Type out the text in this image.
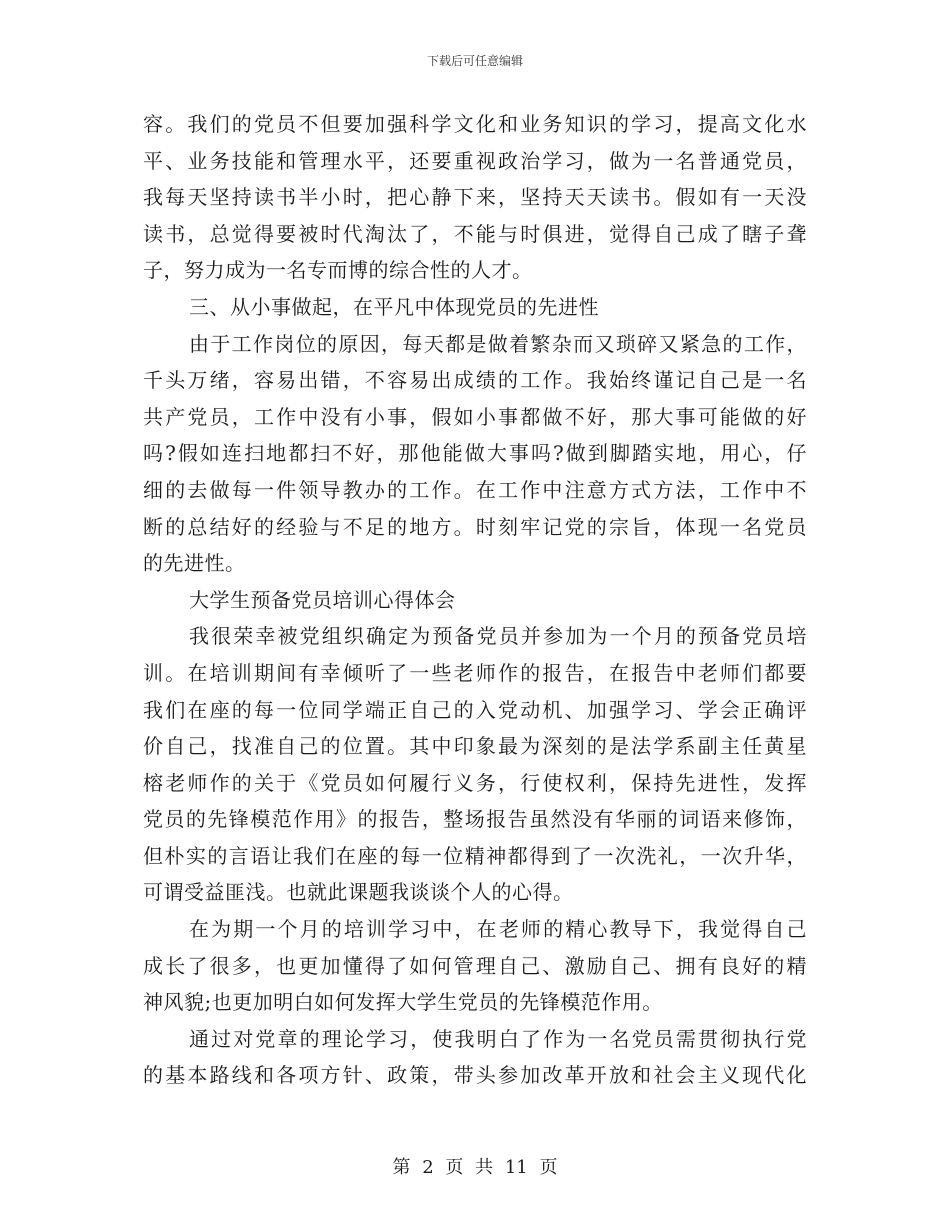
下载后可任意编辑
容。我们的党员不但要加强科学文化和业务知识的学习，提高文化水
平、业务技能和管理水平，还要重视政治学习，做为一名普通党员，
我每天坚持读书半小时，把心静下来，坚持天天读书。假如有一天没
读书，总觉得要被时代淘汰了，不能与时俱进，觉得自己成了瞎子聋
子，努力成为一名专而博的综合性的人才。
三、从小事做起，在平凡中体现党员的先进性
由于工作岗位的原因，每天都是做着繁杂而又琐碎又紧急的工作，
千头万绪，容易出错，不容易出成绩的工作。我始终谨记自己是一名
共产党员，工作中没有小事，假如小事都做不好，那大事可能做的好
吗?假如连扫地都扫不好，那他能做大事吗?做到脚踏实地，用心，仔
细的去做每一件领导教办的工作。在工作中注意方式方法，工作中不
断的总结好的经验与不足的地方。时刻牢记党的宗旨，体现一名党员
的先进性。
大学生预备党员培训心得体会
我很荣幸被党组织确定为预备党员并参加为一个月的预备党员培
训。在培训期间有幸倾听了一些老师作的报告，在报告中老师们都要
我们在座的每一位同学端正自己的入党动机、加强学习、学会正确评
价自己，找准自己的位置。其中印象最为深刻的是法学系副主任黄星
榕老师作的关于《党员如何履行义务，行使权利，保持先进性，发挥
党员的先锋模范作用》的报告，整场报告虽然没有华丽的词语来修饰，
但朴实的言语让我们在座的每一位精神都得到了一次洗礼，一次升华，
可谓受益匪浅。也就此课题我谈谈个人的心得。
在为期一个月的培训学习中，在老师的精心教导下，我觉得自己
成长了很多，也更加懂得了如何管理自己、激励自己、拥有良好的精
神风貌;也更加明白如何发挥大学生党员的先锋模范作用。
通过对党章的理论学习，使我明白了作为一名党员需贯彻执行党
的基本路线和各项方针、政策，带头参加改革开放和社会主义现代化
第 2 页 共 11 页
